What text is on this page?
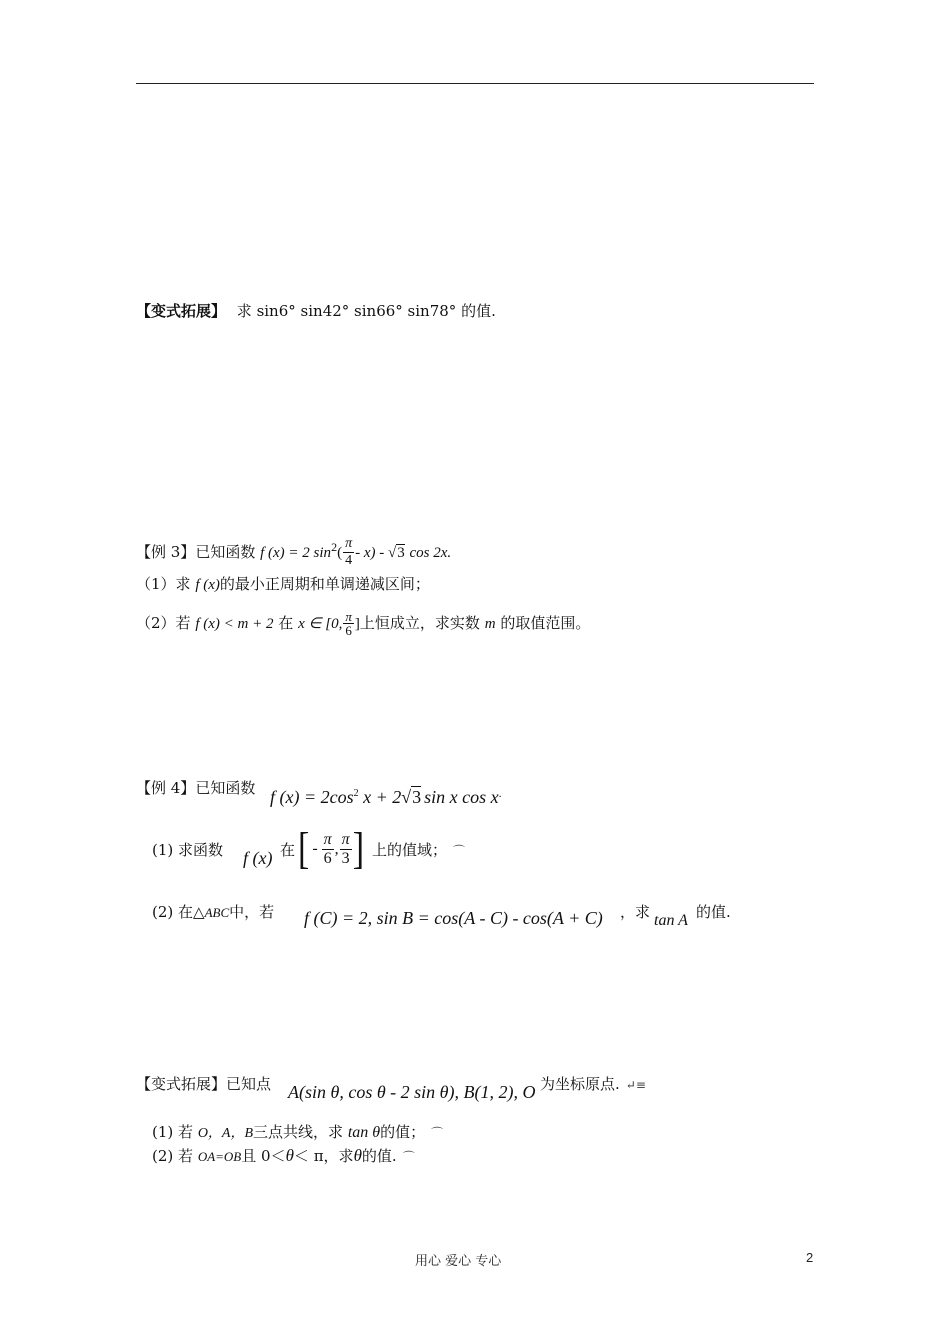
【变式拓展】 求 sin6° sin42° sin66° sin78° 的值.
【例 3】已知函数 f (x) = 2 $\sin^2( \frac{\pi}{4} - x) - √3$ cos 2x.
（1）求 f (x)的最小正周期和单调递减区间；
（2）若 f (x) < m + 2 在 x ∈ [0, $\frac{\pi}{6}$ ]上恒成立，求实数 m 的取值范围。
【例 4】已知函数 f $(x) = 2\cos^2$ x + 2√3 sin x cos x.
(1) 求函数 f (x) 在 [ - $\frac{\pi}{6}$ , $\frac{\pi}{3}$ ] 上的值域； ⌒
(2) 在△ABC中，若 f (C) = 2, sin B = cos(A - C) - cos(A + C) ，求 tan A 的值.
【变式拓展】已知点 A(sin θ, cos θ - 2 sin θ), B(1, 2), O 为坐标原点. ↵≡
(1) 若 O，A，B三点共线，求 tan θ的值； ⌒
(2) 若 OA=OB且 0＜θ＜ π，求θ的值. ⌒
用心 爱心 专心	2
